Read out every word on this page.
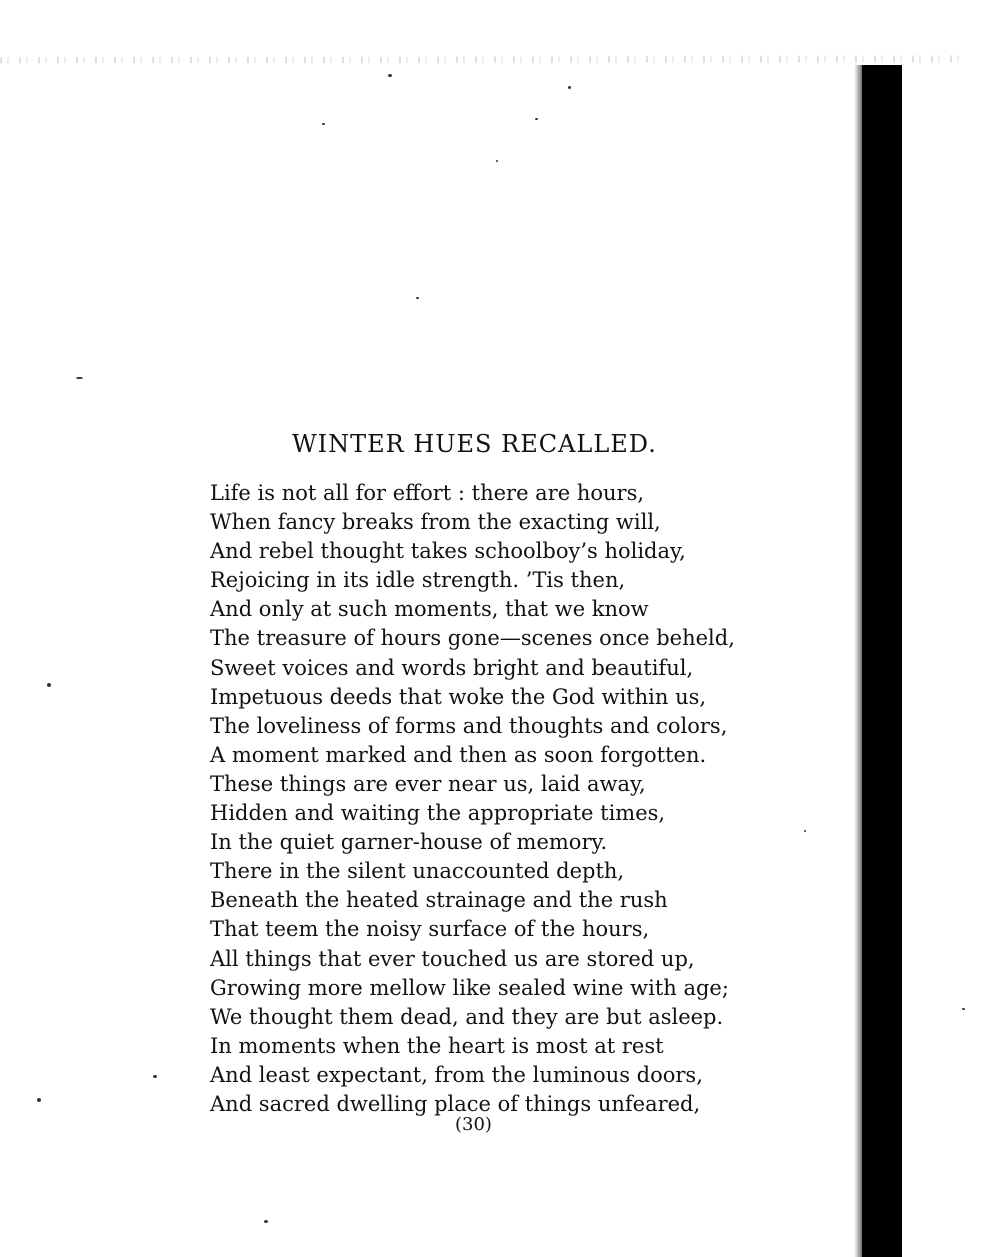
WINTER HUES RECALLED.
Life is not all for effort : there are hours,
When fancy breaks from the exacting will,
And rebel thought takes schoolboy’s holiday,
Rejoicing in its idle strength. ’Tis then,
And only at such moments, that we know
The treasure of hours gone—scenes once beheld,
Sweet voices and words bright and beautiful,
Impetuous deeds that woke the God within us,
The loveliness of forms and thoughts and colors,
A moment marked and then as soon forgotten.
These things are ever near us, laid away,
Hidden and waiting the appropriate times,
In the quiet garner-house of memory.
There in the silent unaccounted depth,
Beneath the heated strainage and the rush
That teem the noisy surface of the hours,
All things that ever touched us are stored up,
Growing more mellow like sealed wine with age;
We thought them dead, and they are but asleep.
In moments when the heart is most at rest
And least expectant, from the luminous doors,
And sacred dwelling place of things unfeared,
(30)
